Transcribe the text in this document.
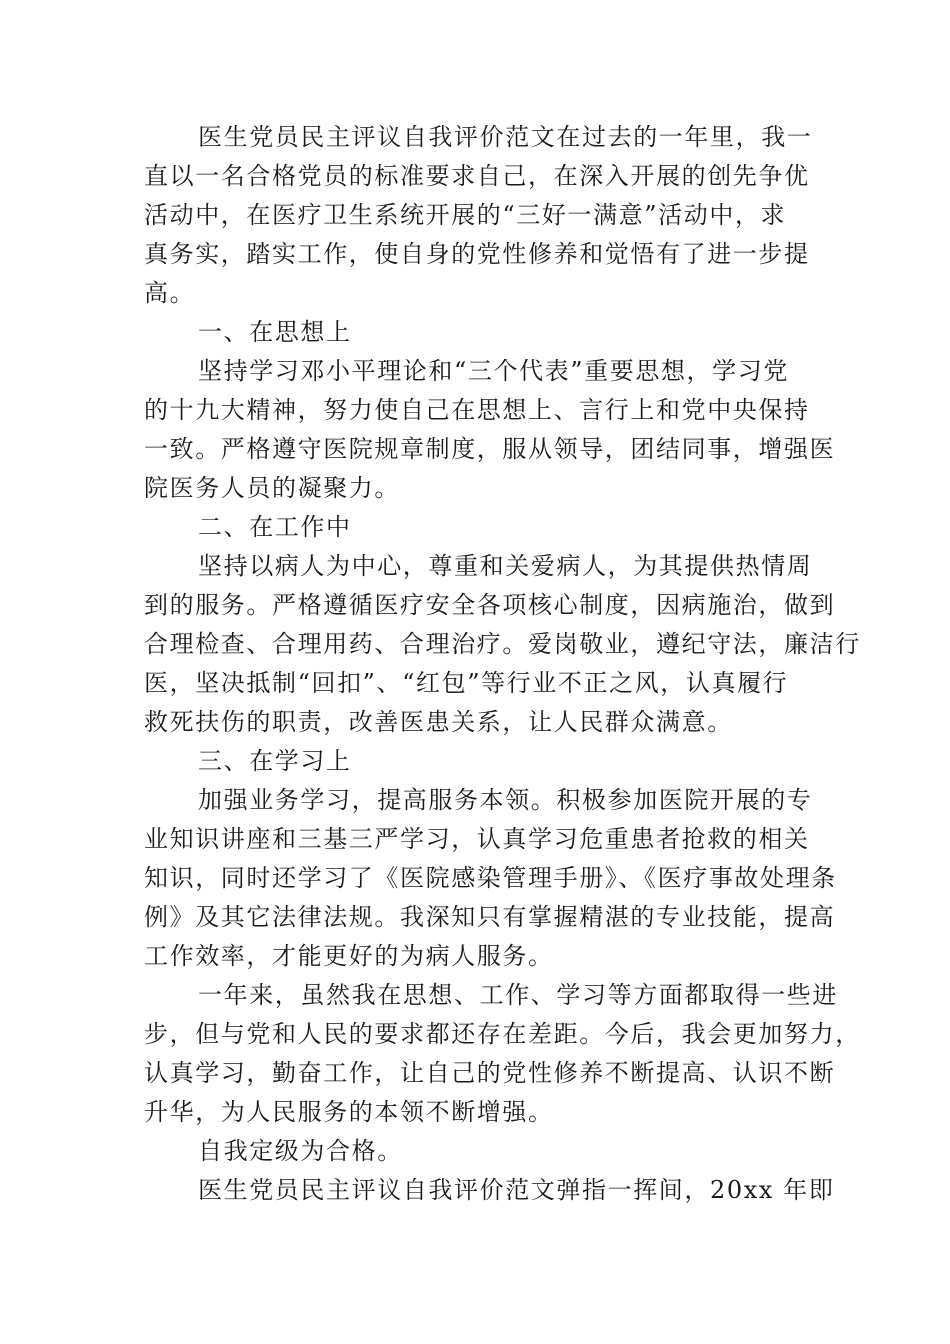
医生党员民主评议自我评价范文在过去的一年里，我一
直以一名合格党员的标准要求自己，在深入开展的创先争优
活动中，在医疗卫生系统开展的“三好一满意”活动中，求
真务实，踏实工作，使自身的党性修养和觉悟有了进一步提
高。
一、在思想上
坚持学习邓小平理论和“三个代表”重要思想，学习党
的十九大精神，努力使自己在思想上、言行上和党中央保持
一致。严格遵守医院规章制度，服从领导，团结同事，增强医
院医务人员的凝聚力。
二、在工作中
坚持以病人为中心，尊重和关爱病人，为其提供热情周
到的服务。严格遵循医疗安全各项核心制度，因病施治，做到
合理检查、合理用药、合理治疗。爱岗敬业，遵纪守法，廉洁行
医，坚决抵制“回扣”、“红包”等行业不正之风，认真履行
救死扶伤的职责，改善医患关系，让人民群众满意。
三、在学习上
加强业务学习，提高服务本领。积极参加医院开展的专
业知识讲座和三基三严学习，认真学习危重患者抢救的相关
知识，同时还学习了《医院感染管理手册》、《医疗事故处理条
例》及其它法律法规。我深知只有掌握精湛的专业技能，提高
工作效率，才能更好的为病人服务。
一年来，虽然我在思想、工作、学习等方面都取得一些进
步，但与党和人民的要求都还存在差距。今后，我会更加努力，
认真学习，勤奋工作，让自己的党性修养不断提高、认识不断
升华，为人民服务的本领不断增强。
自我定级为合格。
医生党员民主评议自我评价范文弹指一挥间，20xx 年即
